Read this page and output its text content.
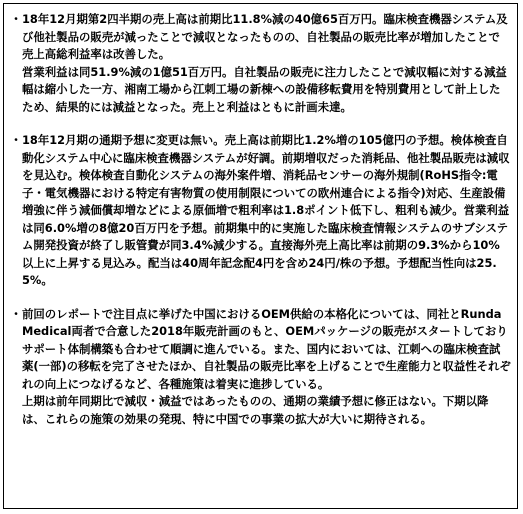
・ 18年12月期第2四半期の売上高は前期比11.8%減の40億65百万円。臨床検査機器システム及び他社製品の販売が減ったことで減収となったものの、自社製品の販売比率が増加したことで売上高総利益率は改善した。

営業利益は同51.9%減の1億51百万円。自社製品の販売に注力したことで減収幅に対する減益幅は縮小した一方、湘南工場から江刺工場の新棟への設備移転費用を特別費用として計上したため、結果的には減益となった。売上と利益はともに計画未達。

・ 18年12月期の通期予想に変更は無い。売上高は前期比1.2%増の105億円の予想。検体検査自動化システム中心に臨床検査機器システムが好調。前期増収だった消耗品、他社製品販売は減収を見込む。検体検査自動化システムの海外案件増、消耗品センサーの海外規制(RoHS指令:電子・電気機器における特定有害物質の使用制限についての欧州連合による指令)対応、生産設備増強に伴う減価償却増などによる原価増で粗利率は1.8ポイント低下し、粗利も減少。営業利益は同6.0%増の8億20百万円を予想。前期集中的に実施した臨床検査情報システムのサブシステム開発投資が終了し販管費が同3.4%減少する。直接海外売上高比率は前期の9.3%から10%以上に上昇する見込み。配当は40周年記念配4円を含め24円/株の予想。予想配当性向は25.5%。

・ 前回のレポートで注目点に挙げた中国におけるOEM供給の本格化については、同社とRunda　Medical両者で合意した2018年販売計画のもと、OEMパッケージの販売がスタートしておりサポート体制構築も合わせて順調に進んでいる。また、国内においては、江刺への臨床検査試薬(一部)の移転を完了させたほか、自社製品の販売比率を上げることで生産能力と収益性それぞれの向上につなげるなど、各種施策は着実に進捗している。

上期は前年同期比で減収・減益ではあったものの、通期の業績予想に修正はない。下期以降は、これらの施策の効果の発現、特に中国での事業の拡大が大いに期待される。
